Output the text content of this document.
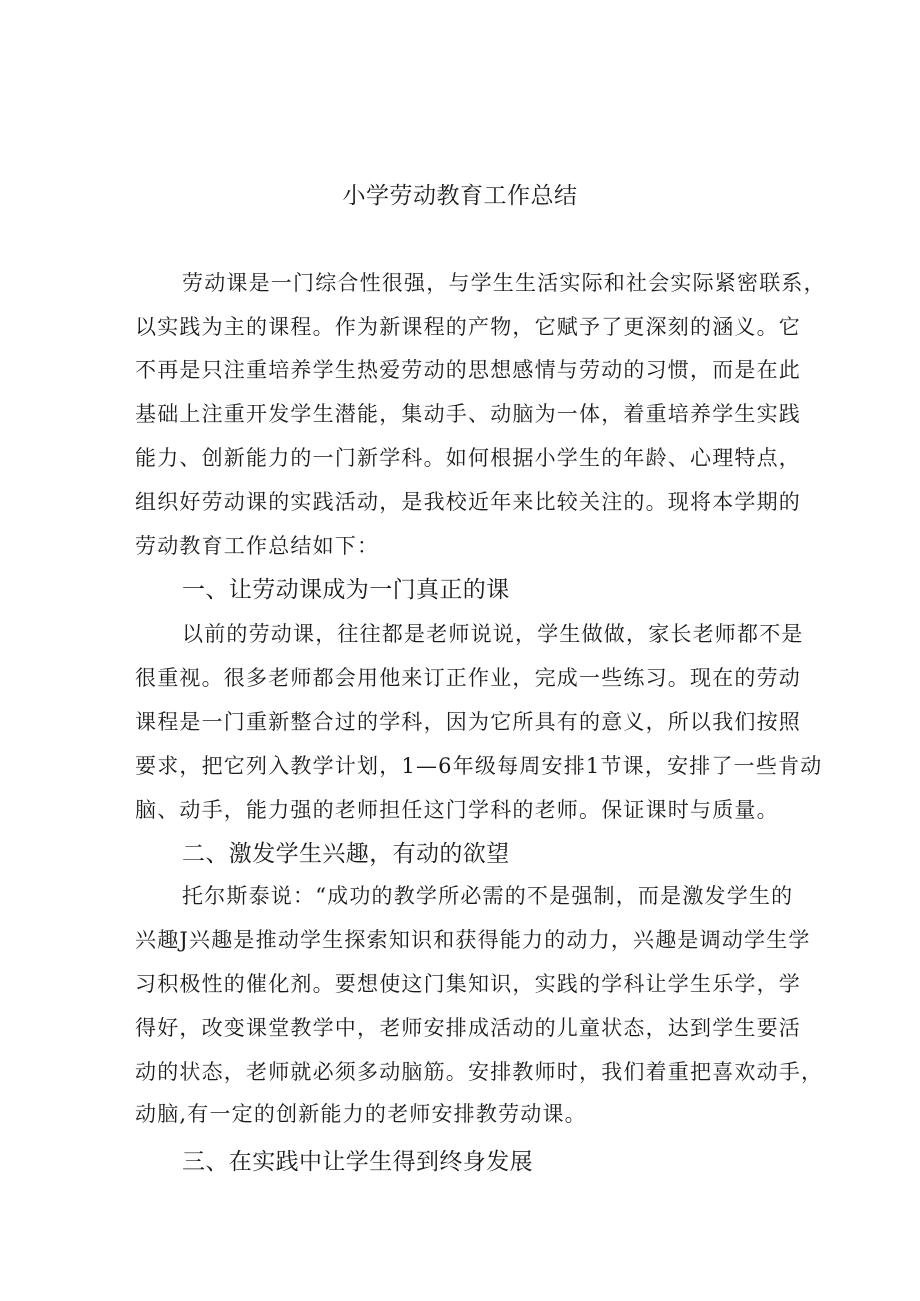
小学劳动教育工作总结
劳动课是一门综合性很强，与学生生活实际和社会实际紧密联系，
以实践为主的课程。作为新课程的产物，它赋予了更深刻的涵义。它
不再是只注重培养学生热爱劳动的思想感情与劳动的习惯，而是在此
基础上注重开发学生潜能，集动手、动脑为一体，着重培养学生实践
能力、创新能力的一门新学科。如何根据小学生的年龄、心理特点，
组织好劳动课的实践活动，是我校近年来比较关注的。现将本学期的
劳动教育工作总结如下：
一、让劳动课成为一门真正的课
以前的劳动课，往往都是老师说说，学生做做，家长老师都不是
很重视。很多老师都会用他来订正作业，完成一些练习。现在的劳动
课程是一门重新整合过的学科，因为它所具有的意义，所以我们按照
要求，把它列入教学计划，1—6年级每周安排1节课，安排了一些肯动
脑、动手，能力强的老师担任这门学科的老师。保证课时与质量。
二、激发学生兴趣，有动的欲望
托尔斯泰说：“成功的教学所必需的不是强制，而是激发学生的
兴趣J兴趣是推动学生探索知识和获得能力的动力，兴趣是调动学生学
习积极性的催化剂。要想使这门集知识，实践的学科让学生乐学，学
得好，改变课堂教学中，老师安排成活动的儿童状态，达到学生要活
动的状态，老师就必须多动脑筋。安排教师时，我们着重把喜欢动手，
动脑,有一定的创新能力的老师安排教劳动课。
三、在实践中让学生得到终身发展
